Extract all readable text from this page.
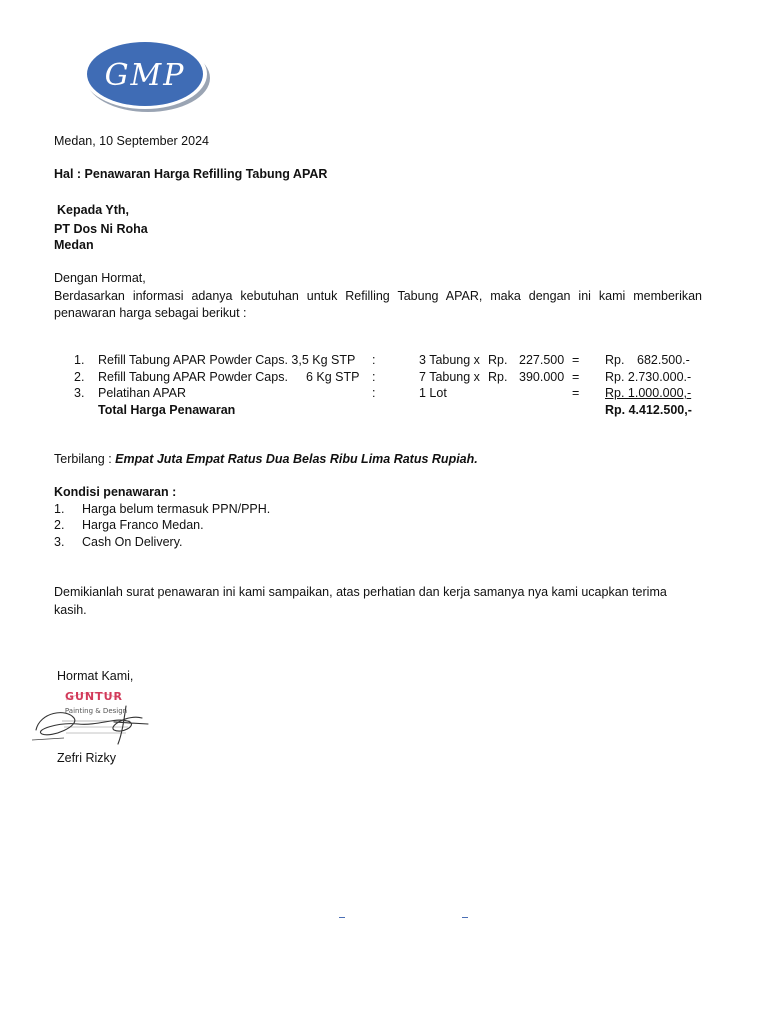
GMP
Medan, 10 September 2024
Hal : Penawaran Harga Refilling Tabung APAR
Kepada Yth,
PT Dos Ni Roha
Medan
Dengan Hormat,
Berdasarkan informasi adanya kebutuhan untuk Refilling Tabung APAR, maka dengan ini kami memberikan penawaran harga sebagai berikut :
1. Refill Tabung APAR Powder Caps. 3,5 Kg STP :	3 Tabung x Rp. 227.500 = Rp. 682.500.-
2. Refill Tabung APAR Powder Caps. 6 Kg STP :	7 Tabung x Rp. 390.000 = Rp. 2.730.000.-
3. Pelatihan APAR	:	1 Lot	= Rp. 1.000.000,-
Total Harga Penawaran	Rp. 4.412.500,-
Terbilang : Empat Juta Empat Ratus Dua Belas Ribu Lima Ratus Rupiah.
Kondisi penawaran :
1. Harga belum termasuk PPN/PPH.
2. Harga Franco Medan.
3. Cash On Delivery.
Demikianlah surat penawaran ini kami sampaikan, atas perhatian dan kerja samanya nya kami ucapkan terima kasih.
Hormat Kami,
GUNTUR
Painting & Design
Zefri Rizky
